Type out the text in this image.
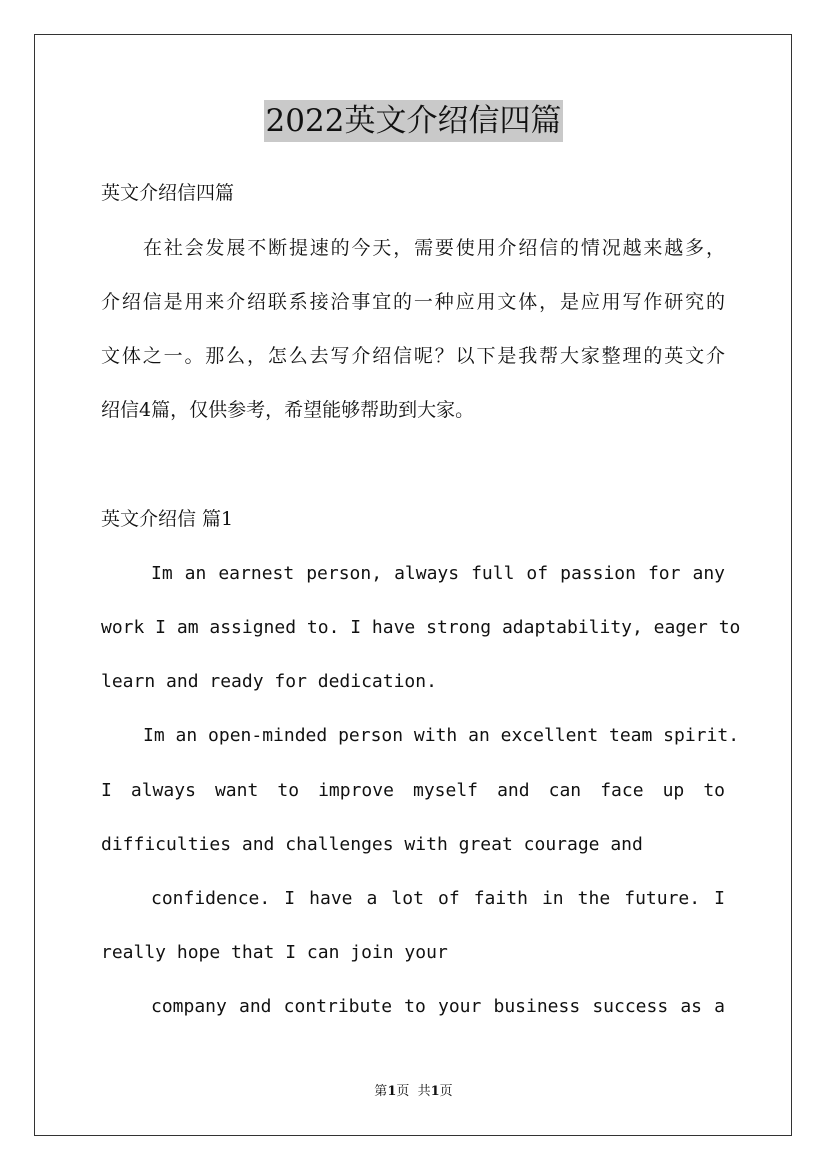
2022英文介绍信四篇
英文介绍信四篇
在社会发展不断提速的今天，需要使用介绍信的情况越来越多，
介绍信是用来介绍联系接洽事宜的一种应用文体，是应用写作研究的
文体之一。那么，怎么去写介绍信呢？以下是我帮大家整理的英文介
绍信4篇，仅供参考，希望能够帮助到大家。
英文介绍信 篇1
Im an earnest person, always full of passion for any
work I am assigned to. I have strong adaptability, eager to
learn and ready for dedication.
Im an open-minded person with an excellent team spirit.
I always want to improve myself and can face up to
difficulties and challenges with great courage and
confidence. I have a lot of faith in the future. I
really hope that I can join your
company and contribute to your business success as a
第1页  共1页
